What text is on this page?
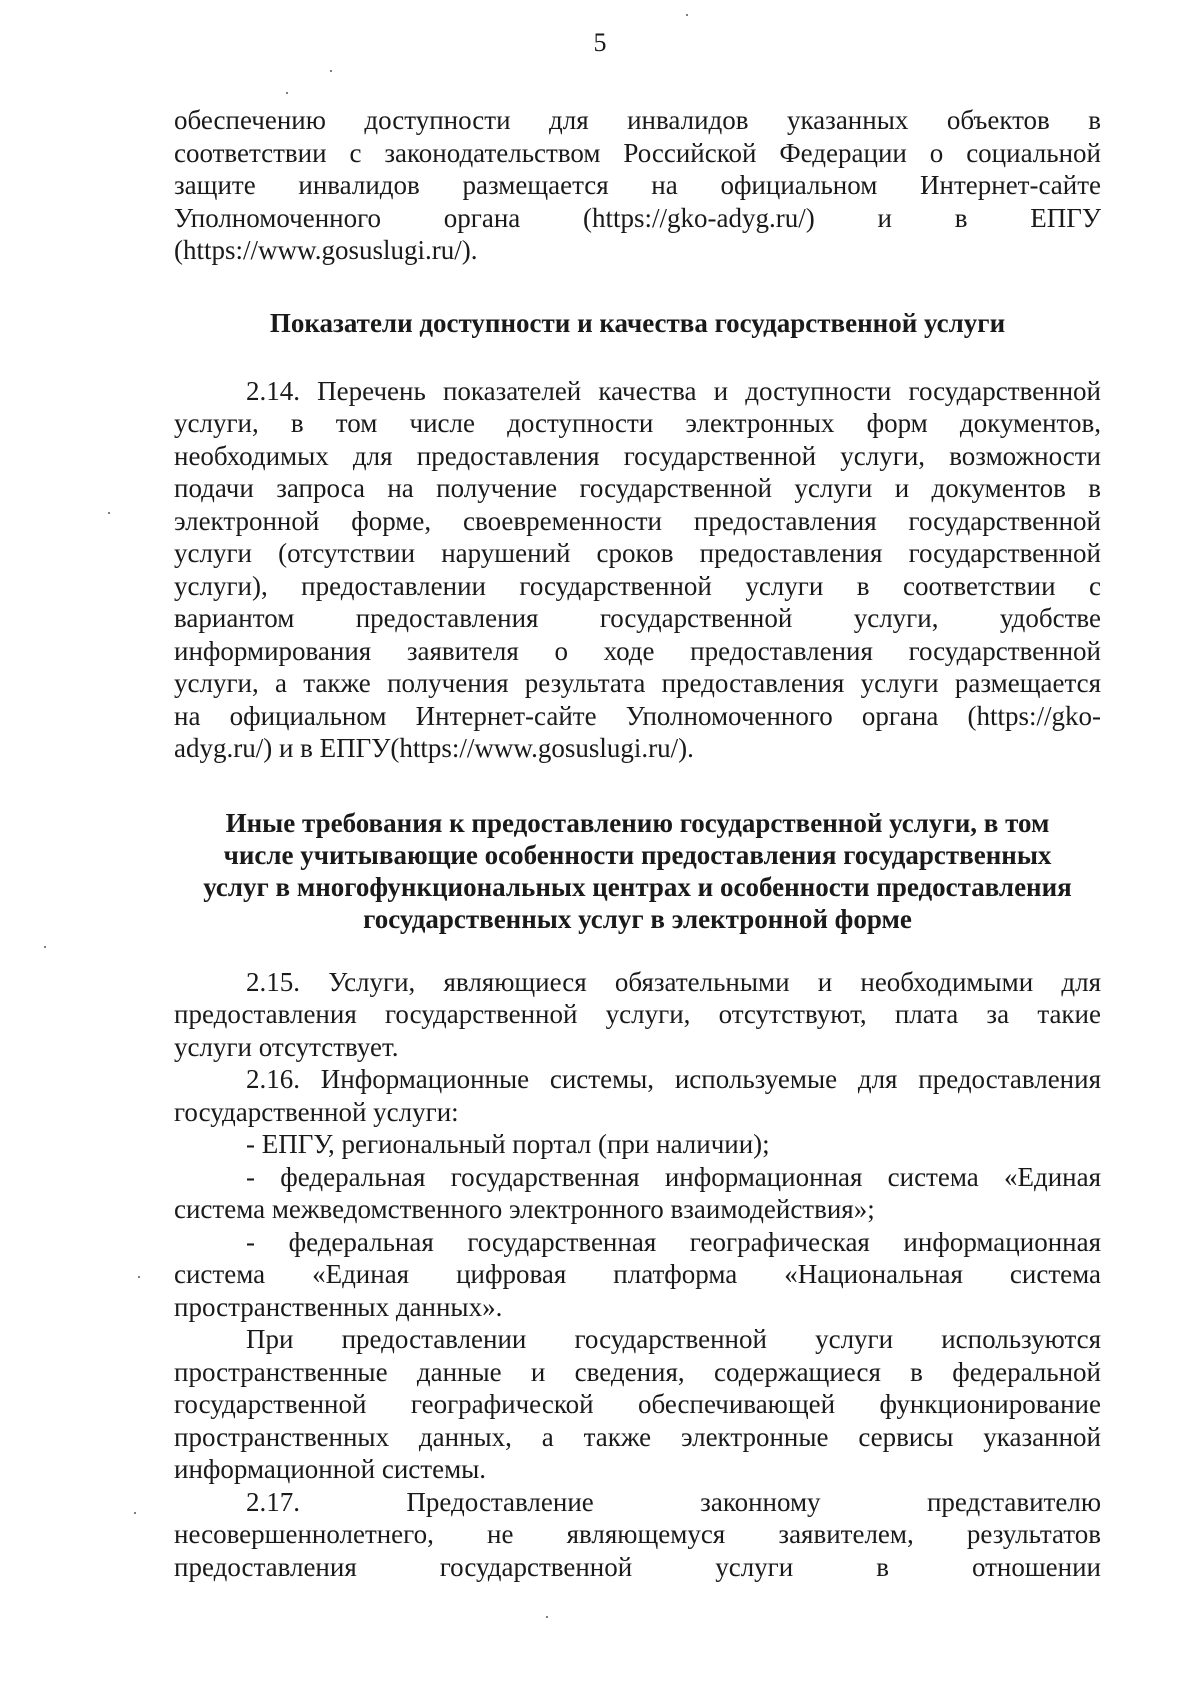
5

обеспечению доступности для инвалидов указанных объектов в

соответствии с законодательством Российской Федерации о социальной

защите инвалидов размещается на официальном Интернет-сайте

Уполномоченного органа (https://gko-adyg.ru/) и в ЕПГУ

(https://www.gosuslugi.ru/).

Показатели доступности и качества государственной услуги

2.14. Перечень показателей качества и доступности государственной

услуги, в том числе доступности электронных форм документов,

необходимых для предоставления государственной услуги, возможности

подачи запроса на получение государственной услуги и документов в

электронной форме, своевременности предоставления государственной

услуги (отсутствии нарушений сроков предоставления государственной

услуги), предоставлении государственной услуги в соответствии с

вариантом предоставления государственной услуги, удобстве

информирования заявителя о ходе предоставления государственной

услуги, а также получения результата предоставления услуги размещается

на официальном Интернет-сайте Уполномоченного органа (https://gko-

adyg.ru/) и в ЕПГУ(https://www.gosuslugi.ru/).

Иные требования к предоставлению государственной услуги, в том
числе учитывающие особенности предоставления государственных
услуг в многофункциональных центрах и особенности предоставления
государственных услуг в электронной форме

2.15. Услуги, являющиеся обязательными и необходимыми для

предоставления государственной услуги, отсутствуют, плата за такие

услуги отсутствует.

2.16. Информационные системы, используемые для предоставления

государственной услуги:

- ЕПГУ, региональный портал (при наличии);

- федеральная государственная информационная система «Единая

система межведомственного электронного взаимодействия»;

- федеральная государственная географическая информационная

система «Единая цифровая платформа «Национальная система

пространственных данных».

При предоставлении государственной услуги используются

пространственные данные и сведения, содержащиеся в федеральной

государственной географической обеспечивающей функционирование

пространственных данных, а также электронные сервисы указанной

информационной системы.

2.17. Предоставление законному представителю

несовершеннолетнего, не являющемуся заявителем, результатов

предоставления государственной услуги в отношении
